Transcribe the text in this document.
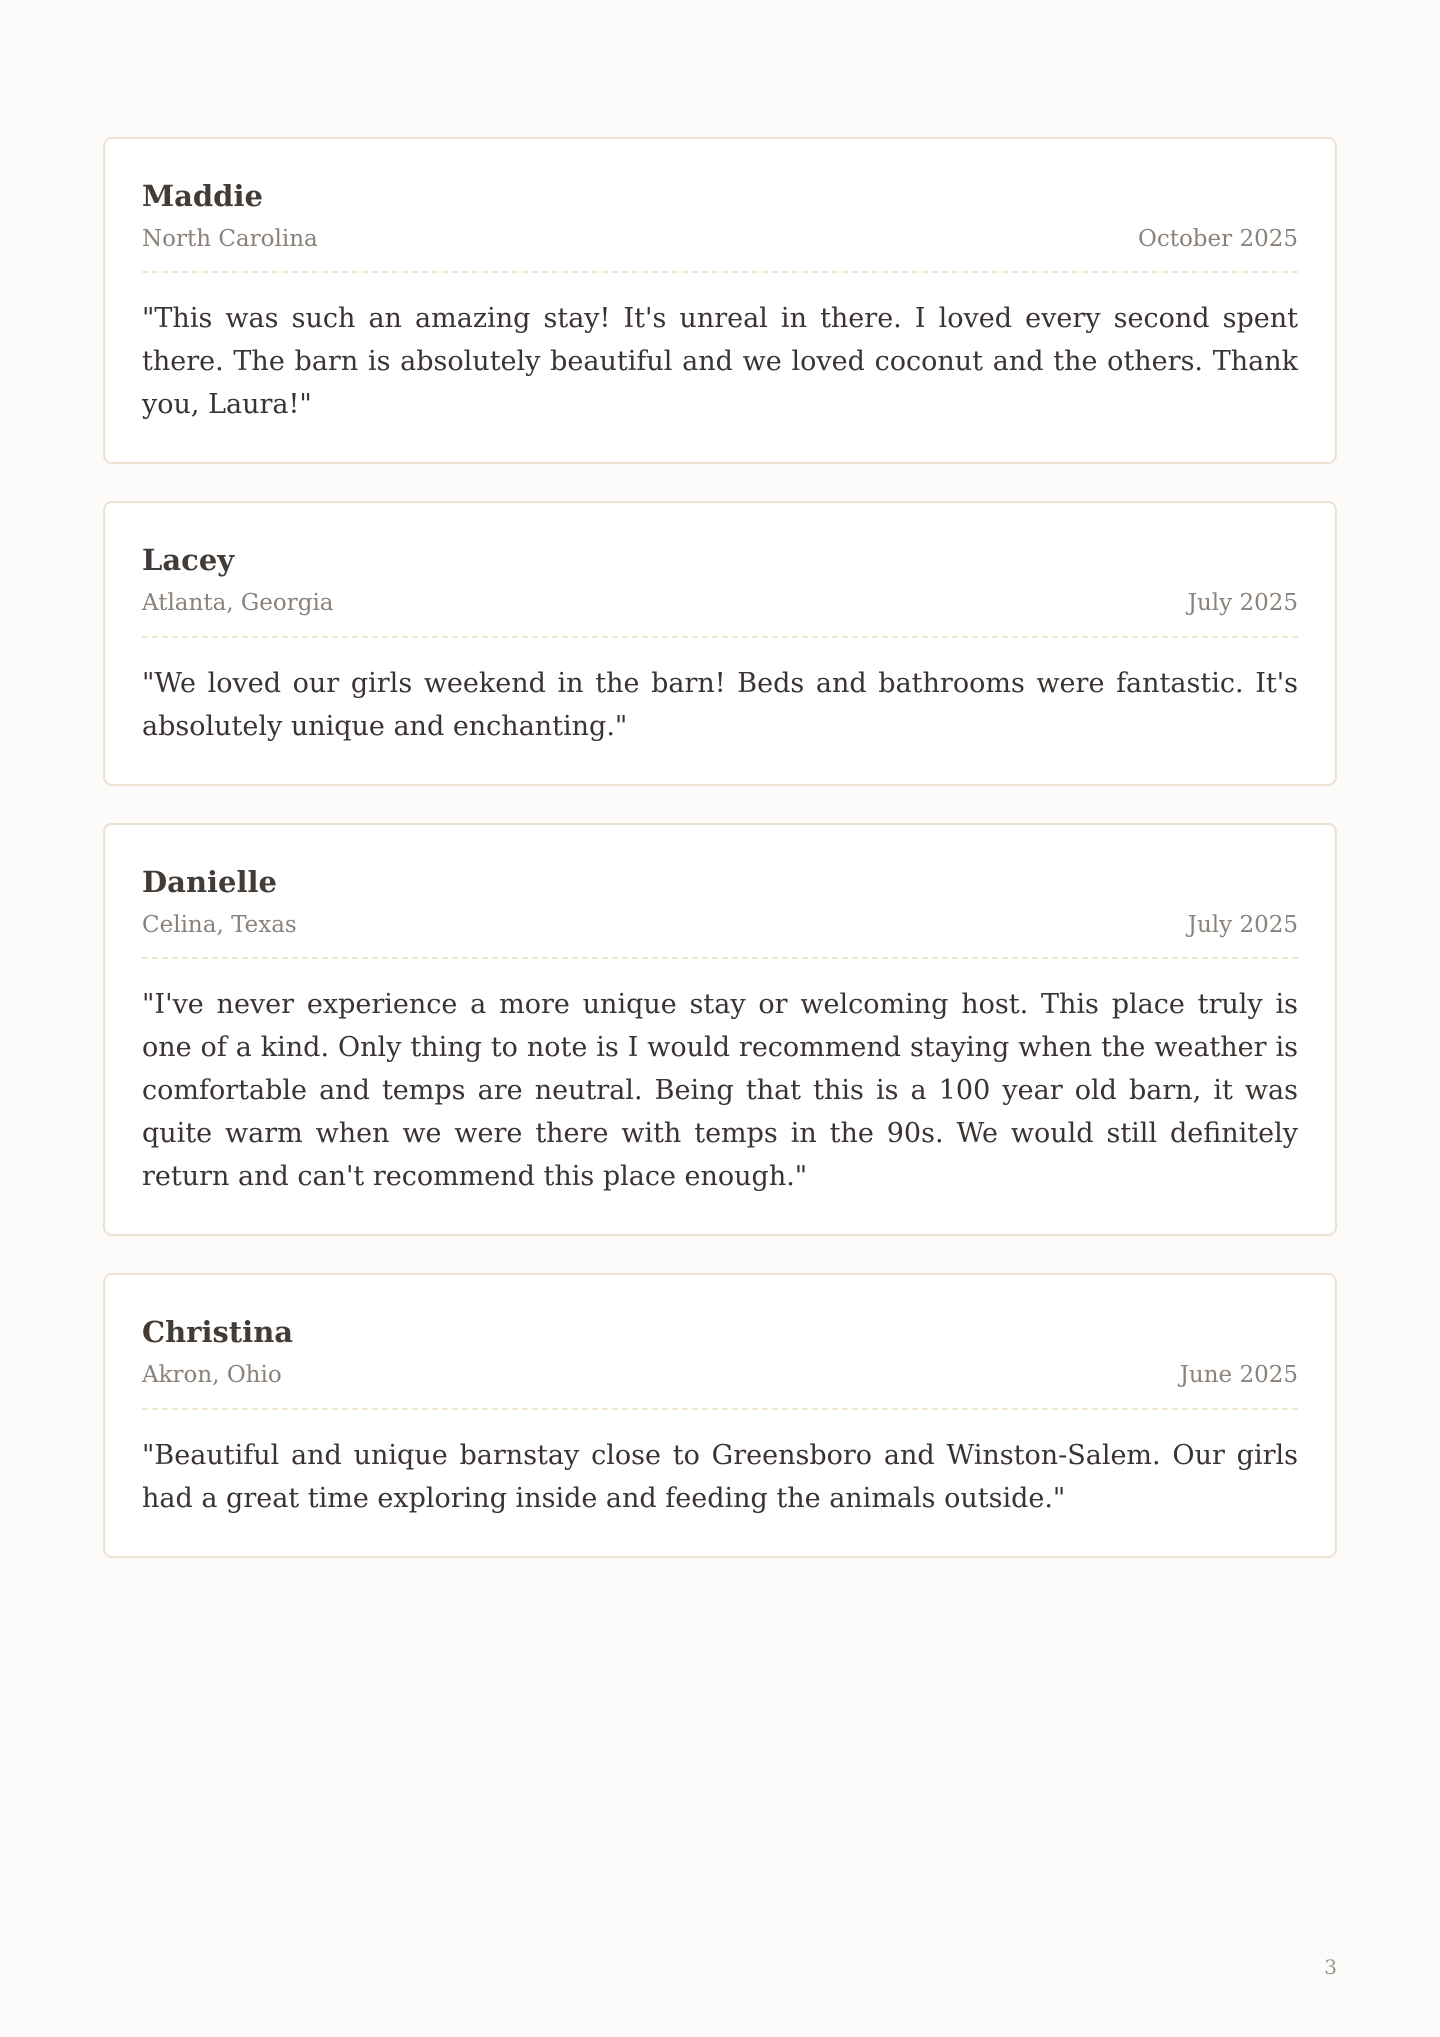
Maddie
North Carolina	October 2025

"This was such an amazing stay! It's unreal in there. I loved every second spent there. The barn is absolutely beautiful and we loved coconut and the others. Thank you, Laura!"

Lacey
Atlanta, Georgia	July 2025

"We loved our girls weekend in the barn! Beds and bathrooms were fantastic. It's absolutely unique and enchanting."

Danielle
Celina, Texas	July 2025

"I've never experience a more unique stay or welcoming host. This place truly is one of a kind. Only thing to note is I would recommend staying when the weather is comfortable and temps are neutral. Being that this is a 100 year old barn, it was quite warm when we were there with temps in the 90s. We would still definitely return and can't recommend this place enough."

Christina
Akron, Ohio	June 2025

"Beautiful and unique barnstay close to Greensboro and Winston-Salem. Our girls had a great time exploring inside and feeding the animals outside."

3
